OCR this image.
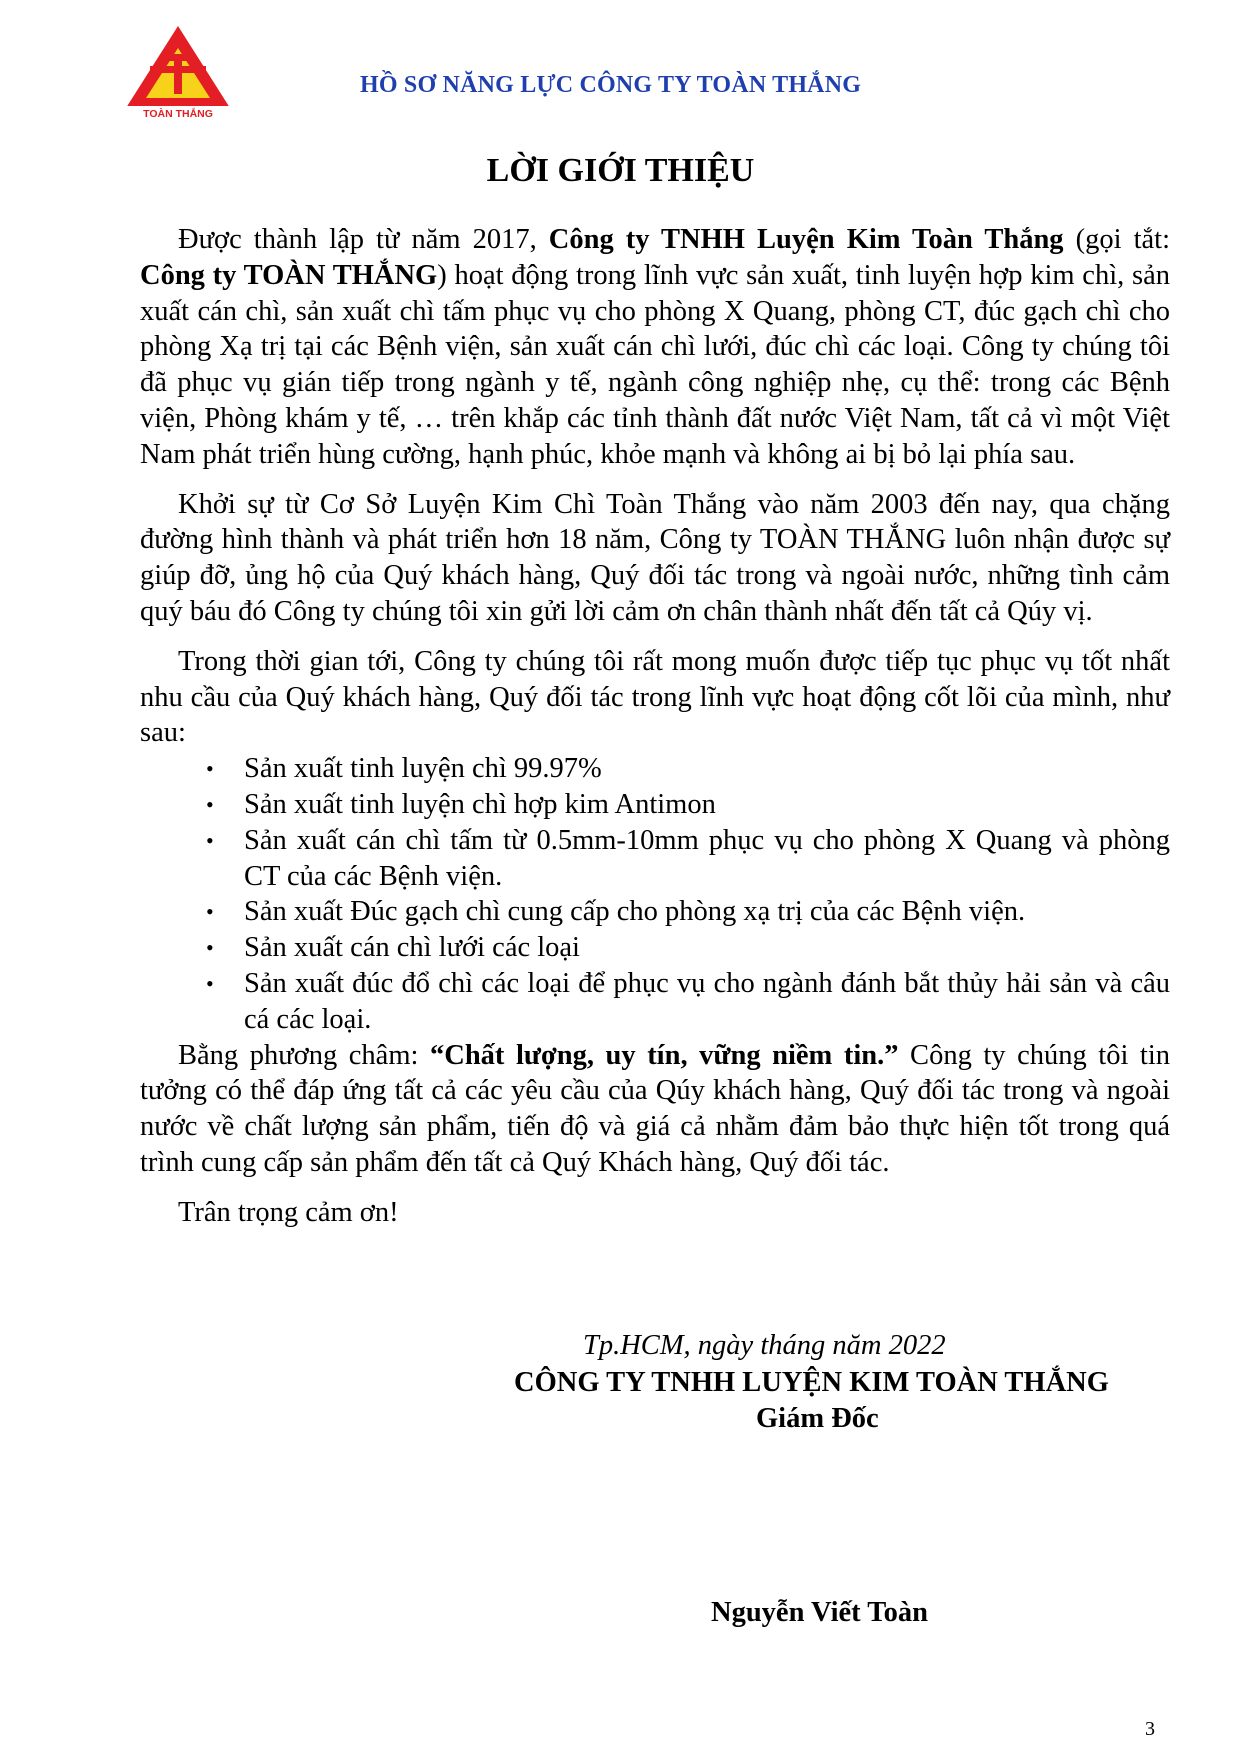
TOÀN THẮNG
HỒ SƠ NĂNG LỰC CÔNG TY TOÀN THẮNG
LỜI GIỚI THIỆU

Được thành lập từ năm 2017, Công ty TNHH Luyện Kim Toàn Thắng (gọi tắt: Công ty TOÀN THẮNG) hoạt động trong lĩnh vực sản xuất, tinh luyện hợp kim chì, sản xuất cán chì, sản xuất chì tấm phục vụ cho phòng X Quang, phòng CT, đúc gạch chì cho phòng Xạ trị tại các Bệnh viện, sản xuất cán chì lưới, đúc chì các loại. Công ty chúng tôi đã phục vụ gián tiếp trong ngành y tế, ngành công nghiệp nhẹ, cụ thể: trong các Bệnh viện, Phòng khám y tế, … trên khắp các tỉnh thành đất nước Việt Nam, tất cả vì một Việt Nam phát triển hùng cường, hạnh phúc, khỏe mạnh và không ai bị bỏ lại phía sau.

Khởi sự từ Cơ Sở Luyện Kim Chì Toàn Thắng vào năm 2003 đến nay, qua chặng đường hình thành và phát triển hơn 18 năm, Công ty TOÀN THẮNG luôn nhận được sự giúp đỡ, ủng hộ của Quý khách hàng, Quý đối tác trong và ngoài nước, những tình cảm quý báu đó Công ty chúng tôi xin gửi lời cảm ơn chân thành nhất đến tất cả Qúy vị.

Trong thời gian tới, Công ty chúng tôi rất mong muốn được tiếp tục phục vụ tốt nhất nhu cầu của Quý khách hàng, Quý đối tác trong lĩnh vực hoạt động cốt lõi của mình, như sau:

• Sản xuất tinh luyện chì 99.97%
• Sản xuất tinh luyện chì hợp kim Antimon
• Sản xuất cán chì tấm từ 0.5mm-10mm phục vụ cho phòng X Quang và phòng CT của các Bệnh viện.
• Sản xuất Đúc gạch chì cung cấp cho phòng xạ trị của các Bệnh viện.
• Sản xuất cán chì lưới các loại
• Sản xuất đúc đổ chì các loại để phục vụ cho ngành đánh bắt thủy hải sản và câu cá các loại.

Bằng phương châm: “Chất lượng, uy tín, vững niềm tin.” Công ty chúng tôi tin tưởng có thể đáp ứng tất cả các yêu cầu của Qúy khách hàng, Quý đối tác trong và ngoài nước về chất lượng sản phẩm, tiến độ và giá cả nhằm đảm bảo thực hiện tốt trong quá trình cung cấp sản phẩm đến tất cả Quý Khách hàng, Quý đối tác.

Trân trọng cảm ơn!

Tp.HCM, ngày tháng năm 2022
CÔNG TY TNHH LUYỆN KIM TOÀN THẮNG
Giám Đốc
Nguyễn Viết Toàn
3
